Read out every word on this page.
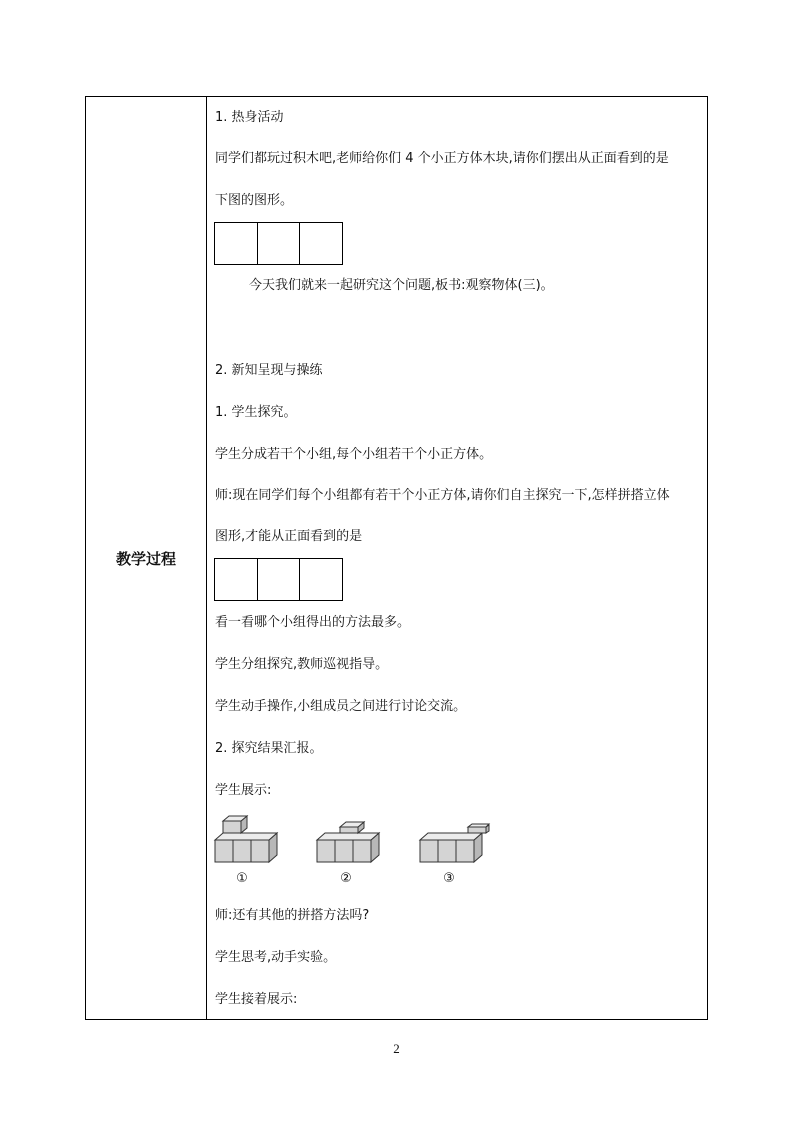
教学过程
1. 热身活动
同学们都玩过积木吧,老师给你们 4 个小正方体木块,请你们摆出从正面看到的是
下图的图形。
今天我们就来一起研究这个问题,板书:观察物体(三)。
2. 新知呈现与操练
1. 学生探究。
学生分成若干个小组,每个小组若干个小正方体。
师:现在同学们每个小组都有若干个小正方体,请你们自主探究一下,怎样拼搭立体
图形,才能从正面看到的是
看一看哪个小组得出的方法最多。
学生分组探究,教师巡视指导。
学生动手操作,小组成员之间进行讨论交流。
2. 探究结果汇报。
学生展示:
①	②	③
师:还有其他的拼搭方法吗?
学生思考,动手实验。
学生接着展示:
2
